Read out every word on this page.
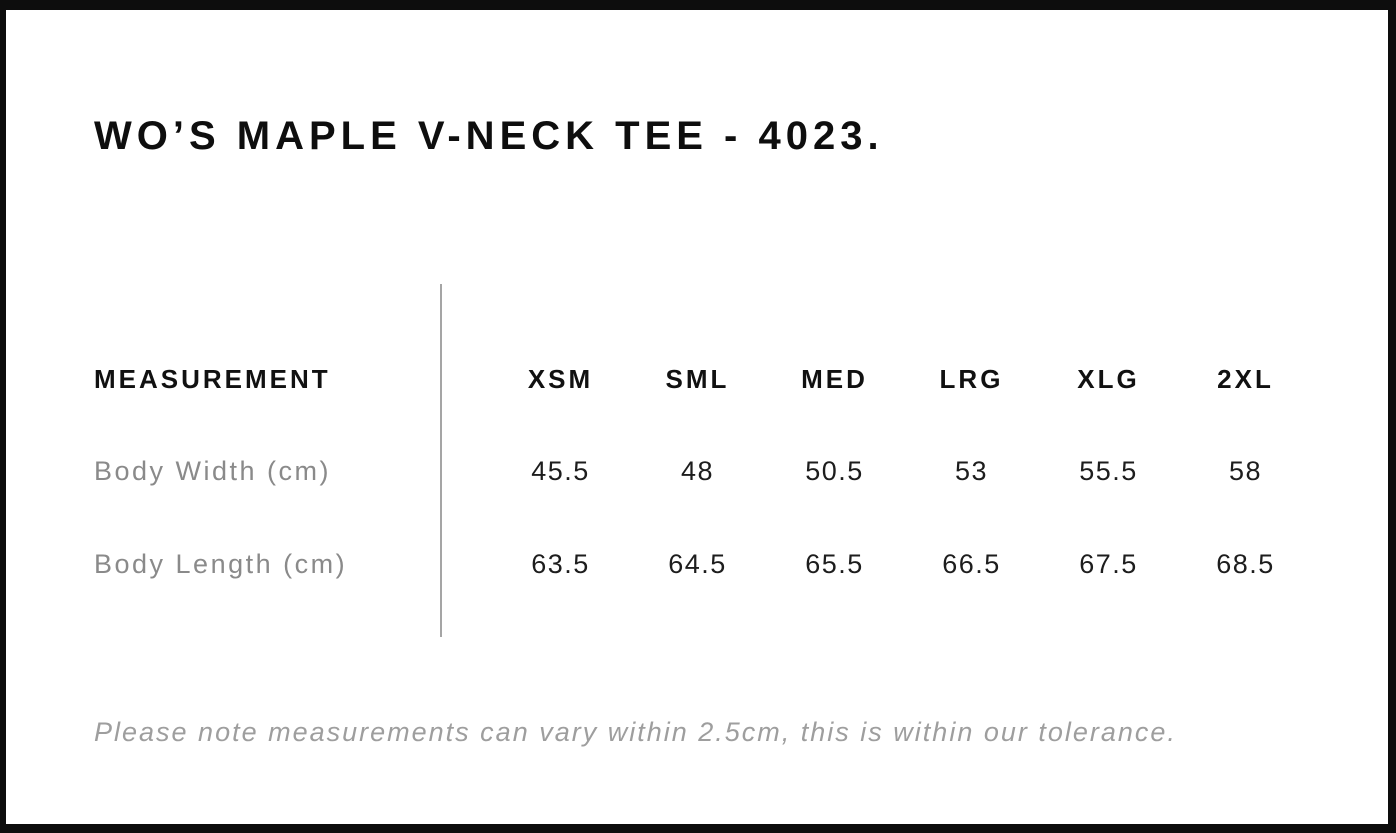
WO’S MAPLE V-NECK TEE - 4023.
MEASUREMENT	XSM	SML	MED	LRG	XLG	2XL
Body Width (cm)	45.5	48	50.5	53	55.5	58
Body Length (cm)	63.5	64.5	65.5	66.5	67.5	68.5

Please note measurements can vary within 2.5cm, this is within our tolerance.
